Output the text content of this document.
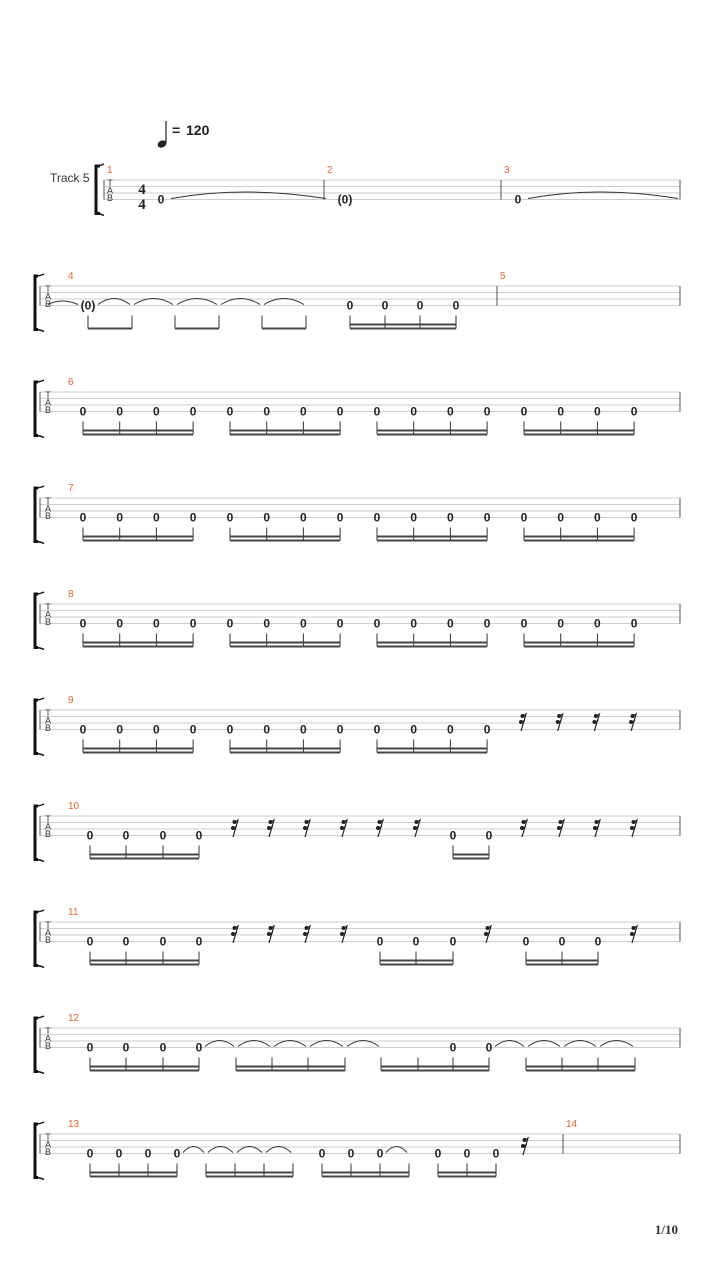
= 120
Track 5 T
A
B 4
4
1
0
2
(0)
3
0
T
A
B
4
(0)	0 0 0 0
5
T
A
B
6
0	0	0	0	0	0	0	0	0	0	0	0	0	0	0	0
T
A
B
7
0	0	0	0	0	0	0	0	0	0	0	0	0	0	0	0
T
A
B
8
0	0	0	0	0	0	0	0	0	0	0	0	0	0	0	0
T
A
B
9
0	0	0	0	0	0	0	0	0	0	0	0
T
A
B
10
0 0	0 0	0 0
T
A
B
11
0 0	0 0	0 0	0	0 0 0
T
A
B
12
0 0	0 0	0 0
T
A
B
13
0 0 0 0	0 0 0	0 0 0
14
1/10
